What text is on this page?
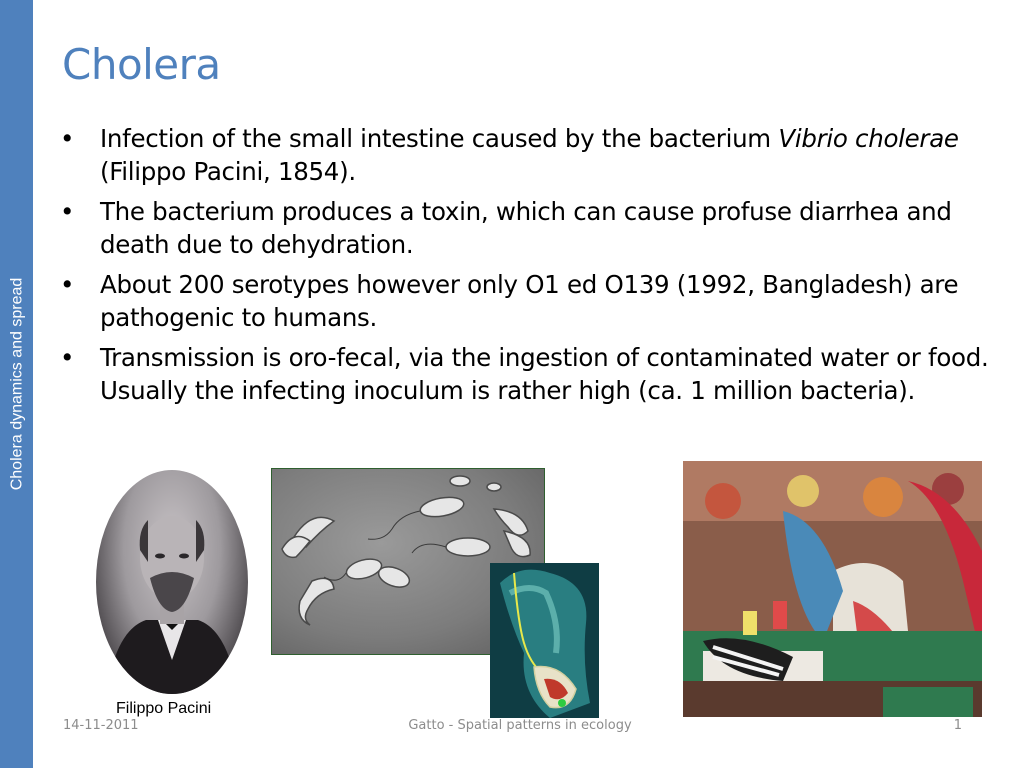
Cholera dynamics and spread
Cholera
• Infection of the small intestine caused by the bacterium Vibrio cholerae (Filippo Pacini, 1854).
• The bacterium produces a toxin, which can cause profuse diarrhea and death due to dehydration.
• About 200 serotypes however only O1 ed O139 (1992, Bangladesh) are pathogenic to humans.
• Transmission is oro-fecal, via the ingestion of contaminated water or food. Usually the infecting inoculum is rather high (ca. 1 million bacteria).
Filippo Pacini
14-11-2011	Gatto - Spatial patterns in ecology	1
